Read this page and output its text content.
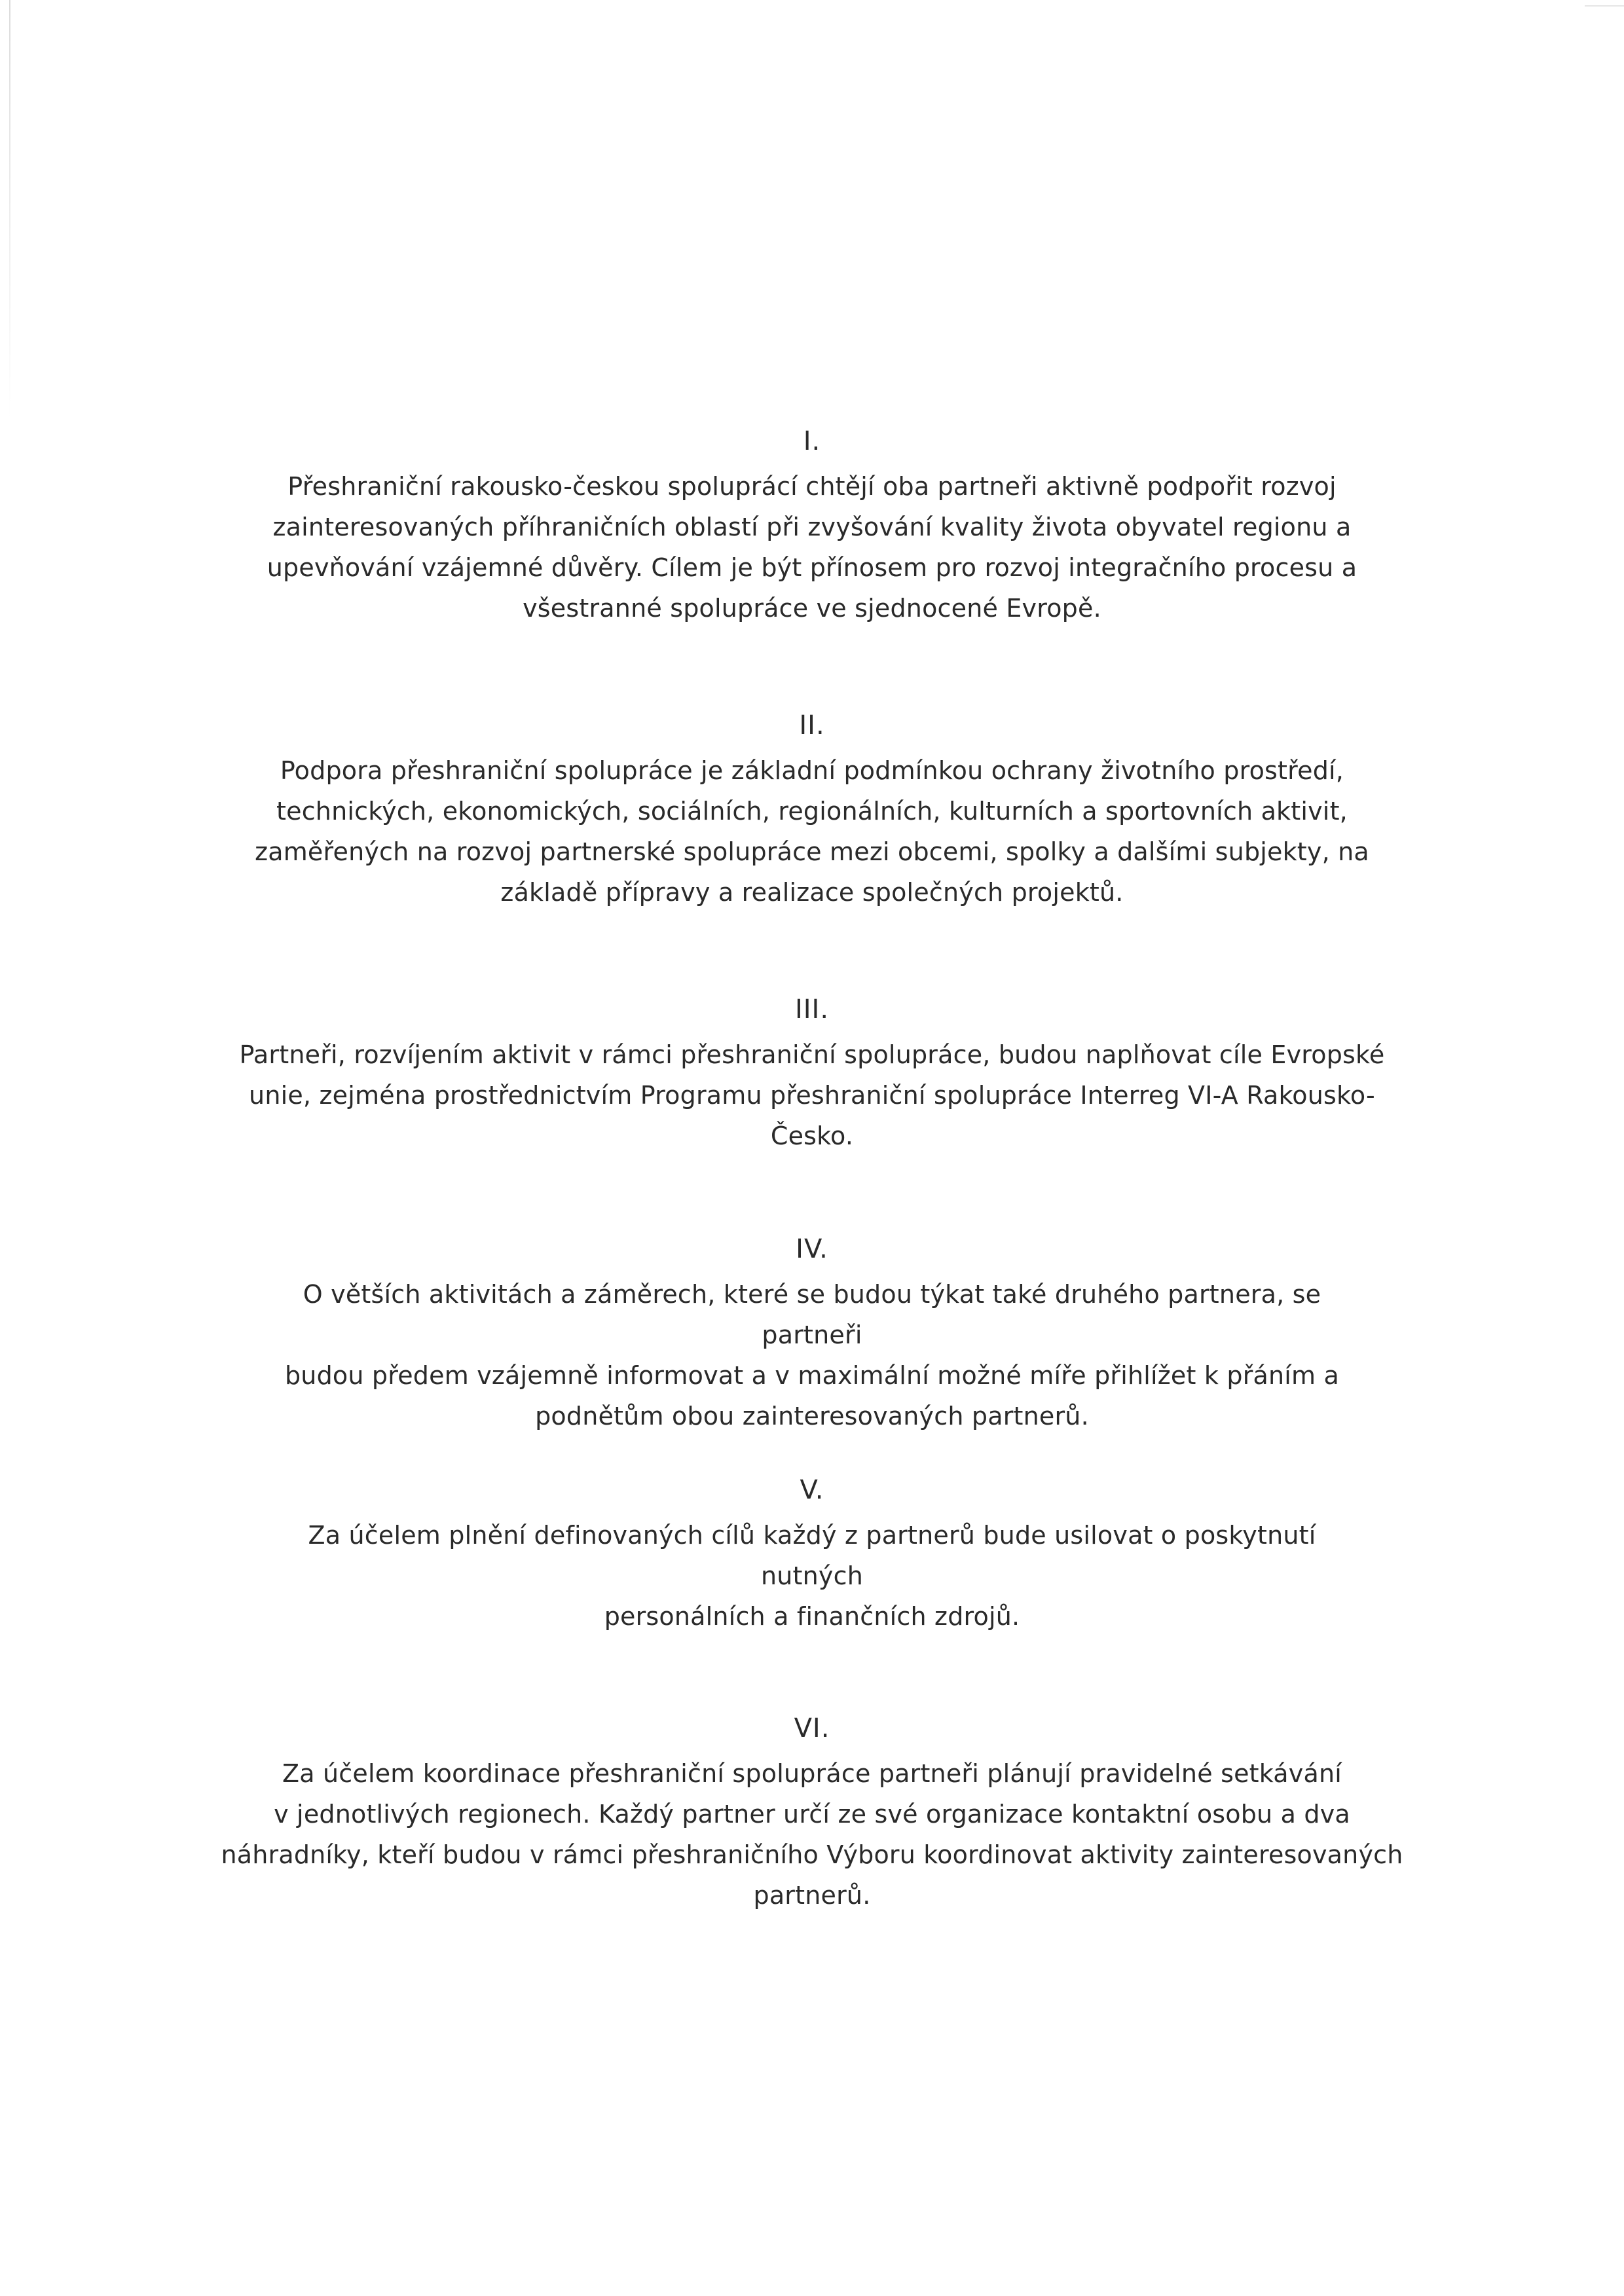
I.
Přeshraniční rakousko-českou spoluprácí chtějí oba partneři aktivně podpořit rozvoj
zainteresovaných příhraničních oblastí při zvyšování kvality života obyvatel regionu a
upevňování vzájemné důvěry. Cílem je být přínosem pro rozvoj integračního procesu a
všestranné spolupráce ve sjednocené Evropě.
II.
Podpora přeshraniční spolupráce je základní podmínkou ochrany životního prostředí,
technických, ekonomických, sociálních, regionálních, kulturních a sportovních aktivit,
zaměřených na rozvoj partnerské spolupráce mezi obcemi, spolky a dalšími subjekty, na
základě přípravy a realizace společných projektů.
III.
Partneři, rozvíjením aktivit v rámci přeshraniční spolupráce, budou naplňovat cíle Evropské
unie, zejména prostřednictvím Programu přeshraniční spolupráce Interreg VI-A Rakousko-
Česko.
IV.
O větších aktivitách a záměrech, které se budou týkat také druhého partnera, se partneři
budou předem vzájemně informovat a v maximální možné míře přihlížet k přáním a
podnětům obou zainteresovaných partnerů.
V.
Za účelem plnění definovaných cílů každý z partnerů bude usilovat o poskytnutí nutných
personálních a finančních zdrojů.
VI.
Za účelem koordinace přeshraniční spolupráce partneři plánují pravidelné setkávání
v jednotlivých regionech. Každý partner určí ze své organizace kontaktní osobu a dva
náhradníky, kteří budou v rámci přeshraničního Výboru koordinovat aktivity zainteresovaných
partnerů.
